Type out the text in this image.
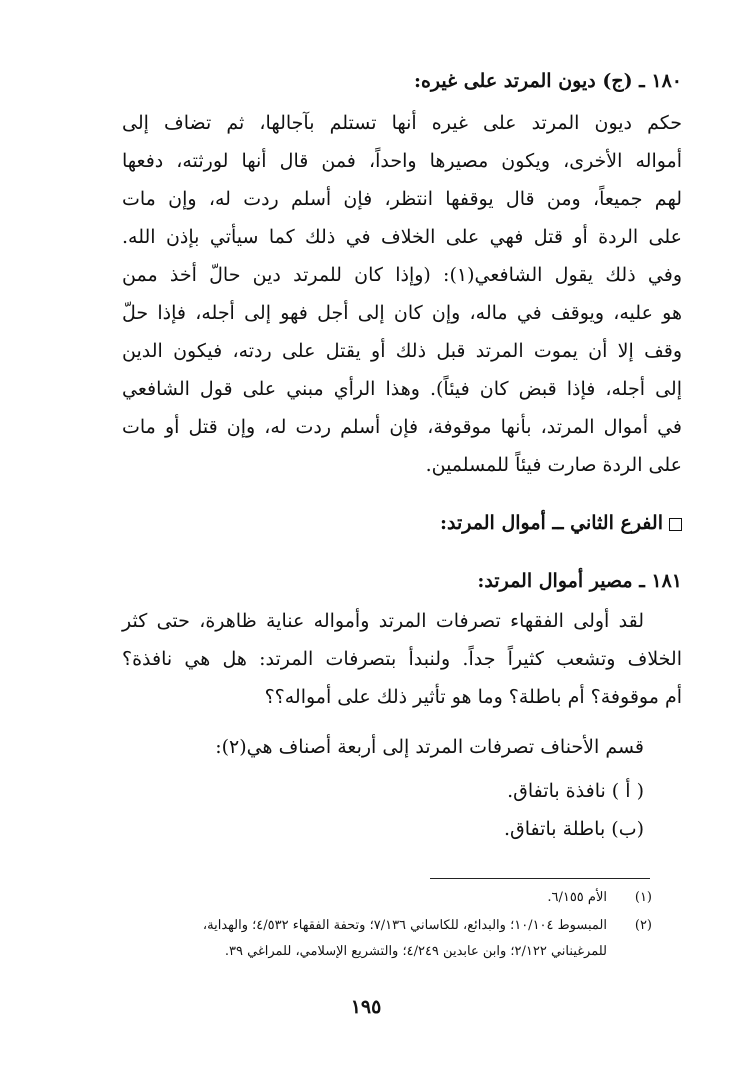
١٨٠ ـ (ج) ديون المرتد على غيره:
حكم ديون المرتد على غيره أنها تستلم بآجالها، ثم تضاف إلى
أمواله الأخرى، ويكون مصيرها واحداً، فمن قال أنها لورثته، دفعها
لهم جميعاً، ومن قال يوقفها انتظر، فإن أسلم ردت له، وإن مات
على الردة أو قتل فهي على الخلاف في ذلك كما سيأتي بإذن الله.
وفي ذلك يقول الشافعي(١): (وإذا كان للمرتد دين حالّ أخذ ممن
هو عليه، ويوقف في ماله، وإن كان إلى أجل فهو إلى أجله، فإذا حلّ
وقف إلا أن يموت المرتد قبل ذلك أو يقتل على ردته، فيكون الدين
إلى أجله، فإذا قبض كان فيئاً). وهذا الرأي مبني على قول الشافعي
في أموال المرتد، بأنها موقوفة، فإن أسلم ردت له، وإن قتل أو مات
على الردة صارت فيئاً للمسلمين.
الفرع الثاني ــ أموال المرتد:
١٨١ ـ مصير أموال المرتد:
لقد أولى الفقهاء تصرفات المرتد وأمواله عناية ظاهرة، حتى كثر
الخلاف وتشعب كثيراً جداً. ولنبدأ بتصرفات المرتد: هل هي نافذة؟
أم موقوفة؟ أم باطلة؟ وما هو تأثير ذلك على أمواله؟؟
قسم الأحناف تصرفات المرتد إلى أربعة أصناف هي(٢):
( أ ) نافذة باتفاق.
(ب) باطلة باتفاق.
(١)
الأم ٦/١٥٥.
(٢)
المبسوط ١٠/١٠٤؛ والبدائع، للكاساني ٧/١٣٦؛ وتحفة الفقهاء ٤/٥٣٢؛ والهداية،
للمرغيناني ٢/١٢٢؛ وابن عابدين ٤/٢٤٩؛ والتشريع الإسلامي، للمراغي ٣٩.
١٩٥
